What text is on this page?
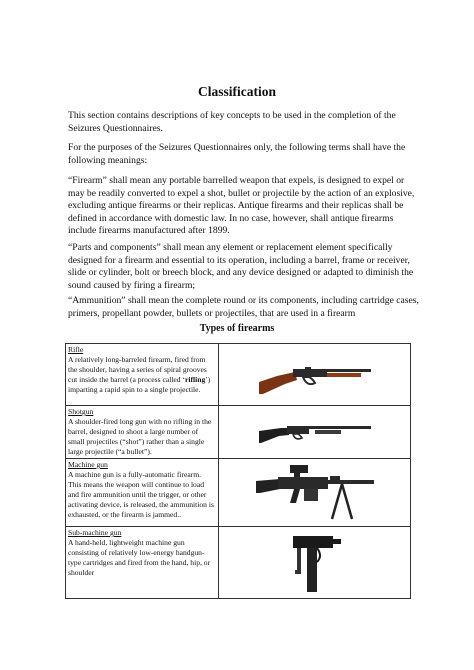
Classification

This section contains descriptions of key concepts to be used in the completion of the Seizures Questionnaires.

For the purposes of the Seizures Questionnaires only, the following terms shall have the following meanings:

“Firearm” shall mean any portable barrelled weapon that expels, is designed to expel or may be readily converted to expel a shot, bullet or projectile by the action of an explosive, excluding antique firearms or their replicas. Antique firearms and their replicas shall be defined in accordance with domestic law. In no case, however, shall antique firearms include firearms manufactured after 1899.

“Parts and components” shall mean any element or replacement element specifically designed for a firearm and essential to its operation, including a barrel, frame or receiver, slide or cylinder, bolt or breech block, and any device designed or adapted to diminish the sound caused by firing a firearm;

“Ammunition” shall mean the complete round or its components, including cartridge cases, primers, propellant powder, bullets or projectiles, that are used in a firearm

Types of firearms
Rifle
A relatively long-barreled firearm, fired from the shoulder, having a series of spiral grooves cut inside the barrel (a process called ‘rifling’) imparting a rapid spin to a single projectile.	

Shotgun
A shoulder-fired long gun with no rifling in the barrel, designed to shoot a large number of small projectiles (“shot”) rather than a single large projectile (“a bullet”).	

Machine gun
A machine gun is a fully-automatic firearm. This means the weapon will continue to load and fire ammunition until the trigger, or other activating device, is released, the ammunition is exhausted, or the firearm is jammed..	

Sub-machine gun
A hand-held, lightweight machine gun consisting of relatively low-energy handgun-type cartridges and fired from the hand, hip, or shoulder	
